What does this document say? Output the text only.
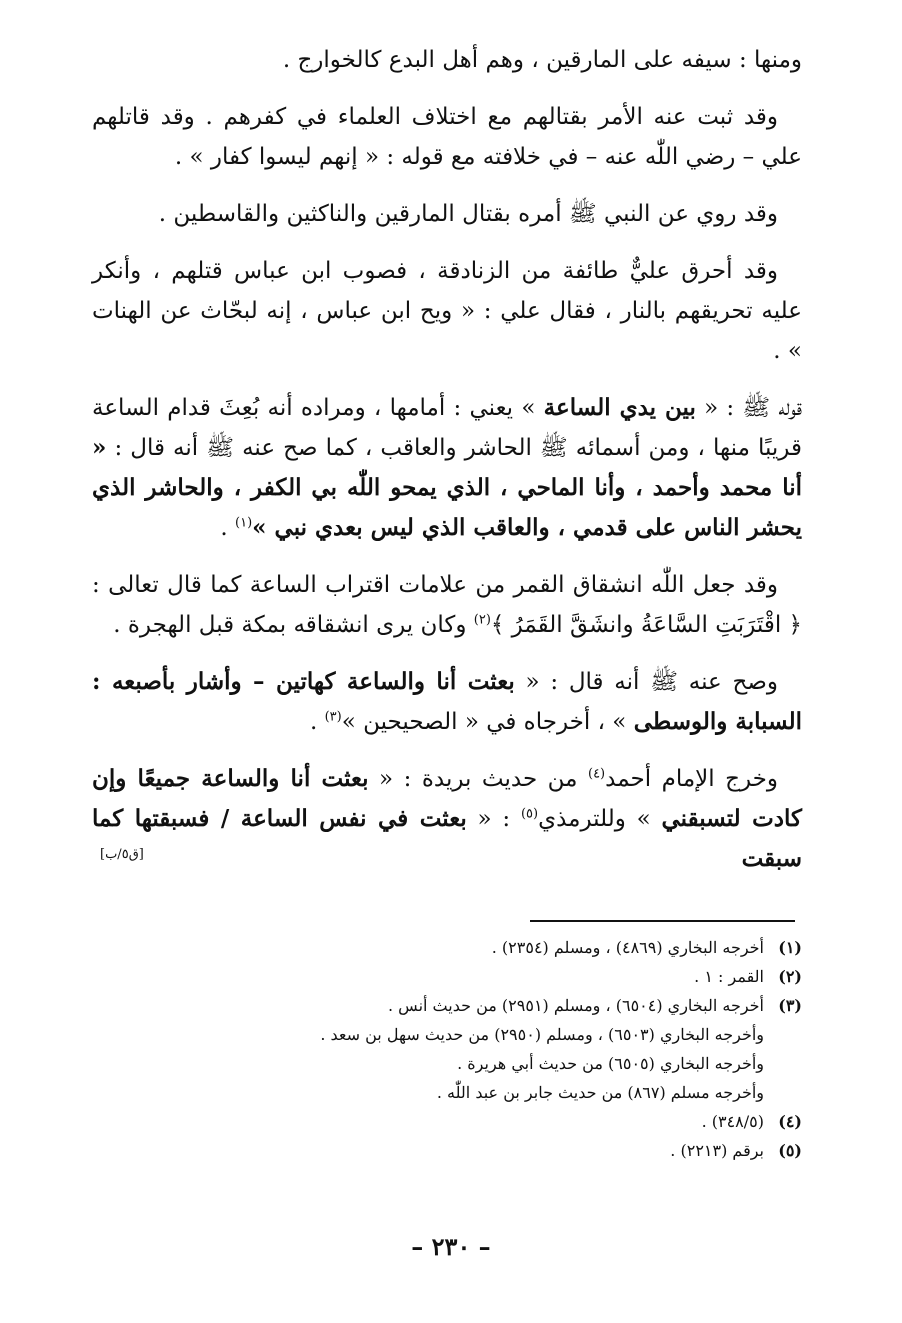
ومنها : سيفه على المارقين ، وهم أهل البدع كالخوارج .

وقد ثبت عنه الأمر بقتالهم مع اختلاف العلماء في كفرهم . وقد قاتلهم علي – رضي اللّٰه عنه – في خلافته مع قوله : « إنهم ليسوا كفار » .

وقد روي عن النبي ﷺ أمره بقتال المارقين والناكثين والقاسطين .

وقد أحرق عليٌّ طائفة من الزنادقة ، فصوب ابن عباس قتلهم ، وأنكر عليه تحريقهم بالنار ، فقال علي : « ويح ابن عباس ، إنه لبحّاث عن الهنات » .

قوله ﷺ : « بين يدي الساعة » يعني : أمامها ، ومراده أنه بُعِثَ قدام الساعة قريبًا منها ، ومن أسمائه ﷺ الحاشر والعاقب ، كما صح عنه ﷺ أنه قال : « أنا محمد وأحمد ، وأنا الماحي ، الذي يمحو اللّٰه بي الكفر ، والحاشر الذي يحشر الناس على قدمي ، والعاقب الذي ليس بعدي نبي »$^{(١)}$ .

وقد جعل اللّٰه انشقاق القمر من علامات اقتراب الساعة كما قال تعالى : ﴿ اقْتَرَبَتِ السَّاعَةُ وانشَقَّ القَمَرُ ﴾$^{(٢)}$ وكان يرى انشقاقه بمكة قبل الهجرة .

وصح عنه ﷺ أنه قال : « بعثت أنا والساعة كهاتين – وأشار بأصبعه : السبابة والوسطى » ، أخرجاه في « الصحيحين »$^{(٣)}$ .

وخرج الإمام أحمد$^{(٤)}$ من حديث بريدة : « بعثت أنا والساعة جميعًا وإن كادت لتسبقني » وللترمذي$^{(٥)}$ : « بعثت في نفس الساعة / فسبقتها كما سبقت

[ق٥/ب]
(١)أخرجه البخاري (٤٨٦٩) ، ومسلم (٢٣٥٤) .
(٢)القمر : ١ .
(٣)أخرجه البخاري (٦٥٠٤) ، ومسلم (٢٩٥١) من حديث أنس .
وأخرجه البخاري (٦٥٠٣) ، ومسلم (٢٩٥٠) من حديث سهل بن سعد .
وأخرجه البخاري (٦٥٠٥) من حديث أبي هريرة .
وأخرجه مسلم (٨٦٧) من حديث جابر بن عبد اللّٰه .
(٤)(٣٤٨/٥) .
(٥)برقم (٢٢١٣) .
– ٢٣٠ –
